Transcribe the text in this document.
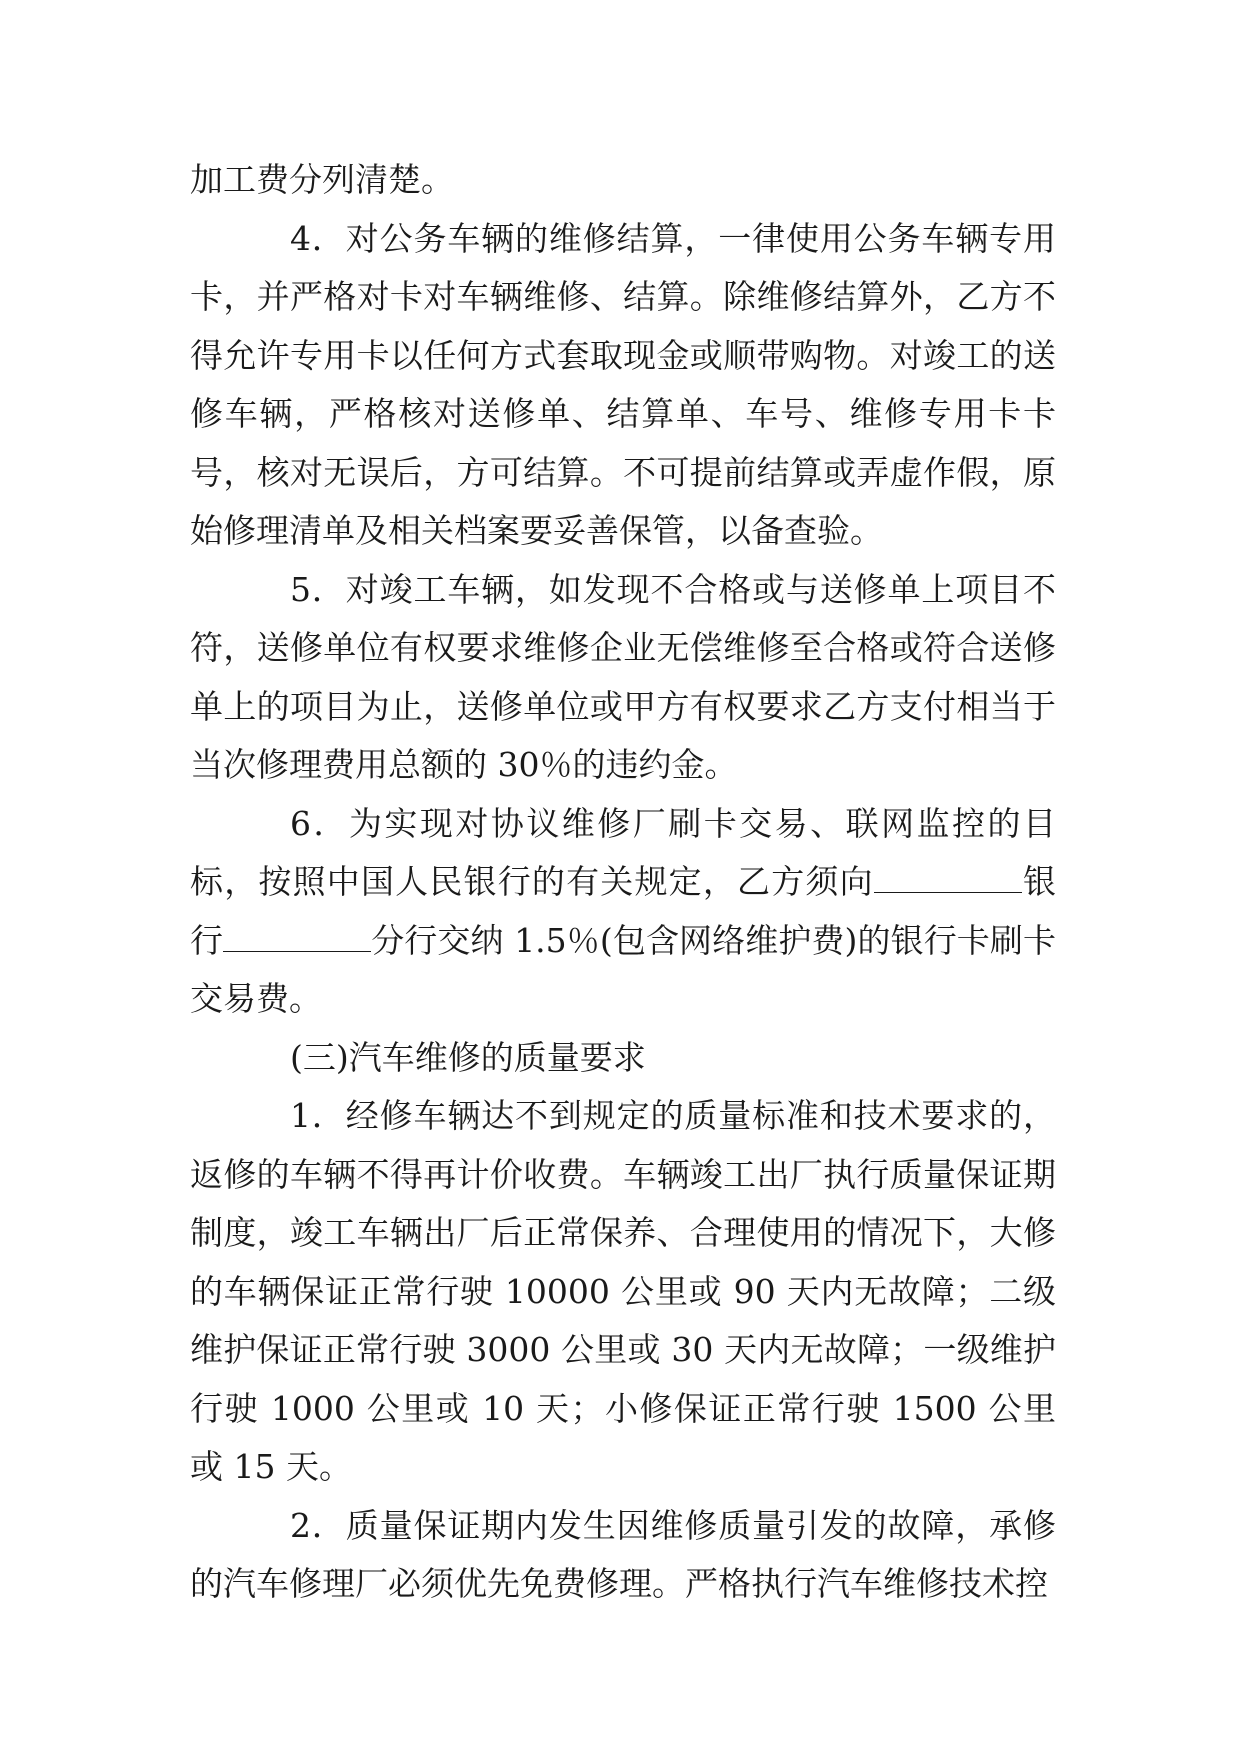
加工费分列清楚。

4．对公务车辆的维修结算，一律使用公务车辆专用卡，并严格对卡对车辆维修、结算。除维修结算外，乙方不得允许专用卡以任何方式套取现金或顺带购物。对竣工的送修车辆，严格核对送修单、结算单、车号、维修专用卡卡号，核对无误后，方可结算。不可提前结算或弄虚作假，原始修理清单及相关档案要妥善保管，以备查验。

5．对竣工车辆，如发现不合格或与送修单上项目不符，送修单位有权要求维修企业无偿维修至合格或符合送修单上的项目为止，送修单位或甲方有权要求乙方支付相当于当次修理费用总额的 30％的违约金。

6．为实现对协议维修厂刷卡交易、联网监控的目标，按照中国人民银行的有关规定，乙方须向	银行	分行交纳 1.5％(包含网络维护费)的银行卡刷卡交易费。

(三)汽车维修的质量要求

1．经修车辆达不到规定的质量标准和技术要求的，返修的车辆不得再计价收费。车辆竣工出厂执行质量保证期制度，竣工车辆出厂后正常保养、合理使用的情况下，大修的车辆保证正常行驶 10000 公里或 90 天内无故障；二级维护保证正常行驶 3000 公里或 30 天内无故障；一级维护行驶 1000 公里或 10 天；小修保证正常行驶 1500 公里或 15 天。

2．质量保证期内发生因维修质量引发的故障，承修的汽车修理厂必须优先免费修理。严格执行汽车维修技术控
